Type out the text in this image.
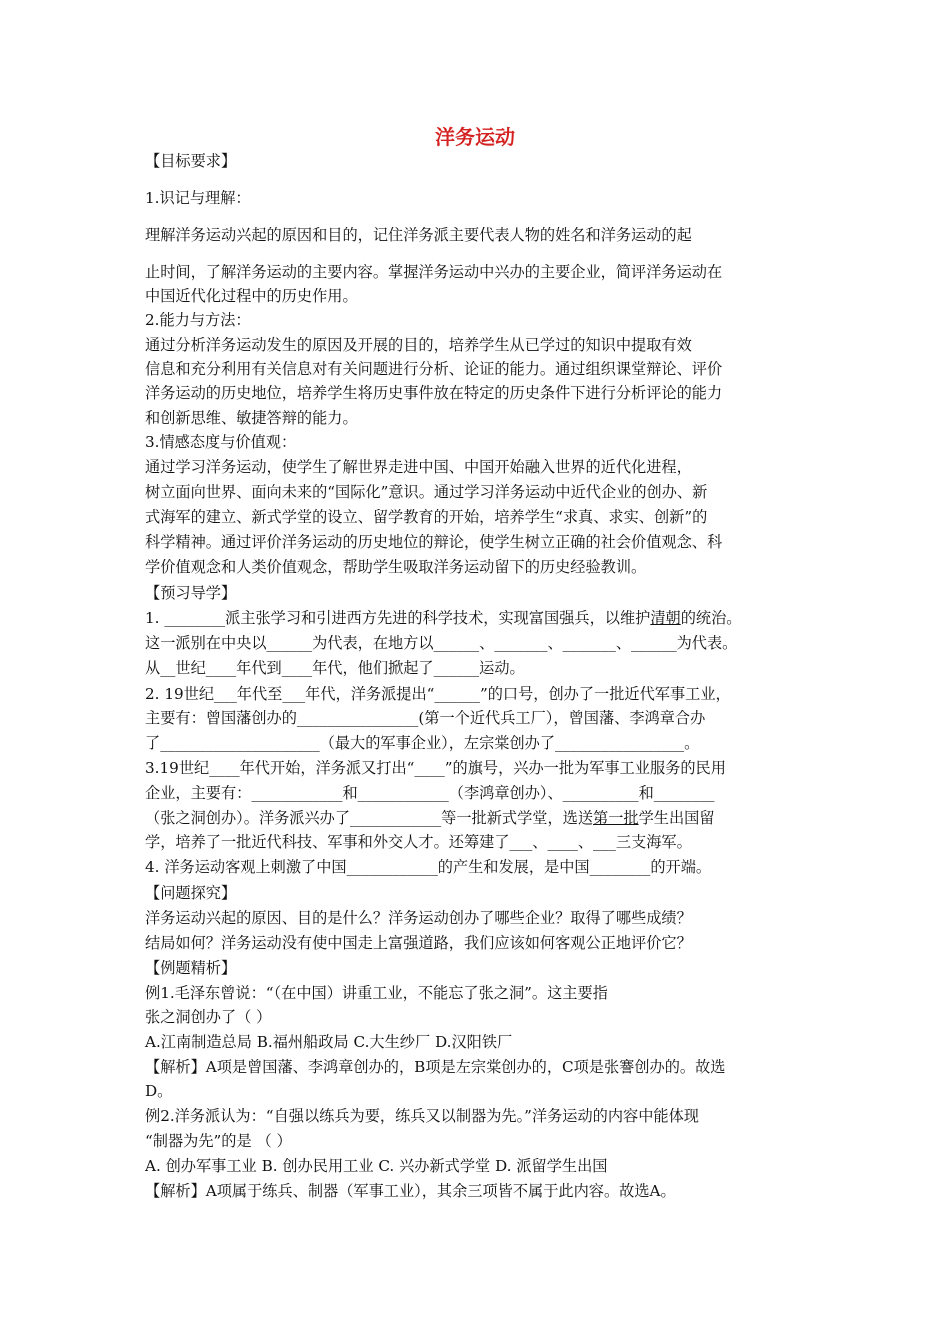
洋务运动
【目标要求】
1.识记与理解：
理解洋务运动兴起的原因和目的，记住洋务派主要代表人物的姓名和洋务运动的起
止时间，了解洋务运动的主要内容。掌握洋务运动中兴办的主要企业，简评洋务运动在
中国近代化过程中的历史作用。
2.能力与方法：
通过分析洋务运动发生的原因及开展的目的，培养学生从已学过的知识中提取有效
信息和充分利用有关信息对有关问题进行分析、论证的能力。通过组织课堂辩论、评价
洋务运动的历史地位，培养学生将历史事件放在特定的历史条件下进行分析评论的能力
和创新思维、敏捷答辩的能力。
3.情感态度与价值观：
通过学习洋务运动，使学生了解世界走进中国、中国开始融入世界的近代化进程，
树立面向世界、面向未来的“国际化”意识。通过学习洋务运动中近代企业的创办、新
式海军的建立、新式学堂的设立、留学教育的开始，培养学生“求真、求实、创新”的
科学精神。通过评价洋务运动的历史地位的辩论，使学生树立正确的社会价值观念、科
学价值观念和人类价值观念，帮助学生吸取洋务运动留下的历史经验教训。
【预习导学】
1. ________派主张学习和引进西方先进的科学技术，实现富国强兵，以维护清朝的统治。
这一派别在中央以______为代表，在地方以______、_______、_______、______为代表。
从__世纪____年代到____年代，他们掀起了______运动。
2. 19世纪___年代至___年代，洋务派提出“______”的口号，创办了一批近代军事工业，
主要有：曾国藩创办的________________(第一个近代兵工厂），曾国藩、李鸿章合办
了_____________________（最大的军事企业），左宗棠创办了_________________。
3.19世纪____年代开始，洋务派又打出“____”的旗号，兴办一批为军事工业服务的民用
企业，主要有：____________和____________（李鸿章创办）、__________和________
（张之洞创办）。洋务派兴办了____________等一批新式学堂，选送第一批学生出国留
学，培养了一批近代科技、军事和外交人才。还筹建了___、____、___三支海军。
4. 洋务运动客观上刺激了中国____________的产生和发展，是中国________的开端。
【问题探究】
洋务运动兴起的原因、目的是什么？洋务运动创办了哪些企业？取得了哪些成绩？
结局如何？洋务运动没有使中国走上富强道路，我们应该如何客观公正地评价它？
【例题精析】
例1.毛泽东曾说：“（在中国）讲重工业，不能忘了张之洞”。这主要指
张之洞创办了（ ）
A.江南制造总局 B.福州船政局 C.大生纱厂 D.汉阳铁厂
【解析】A项是曾国藩、李鸿章创办的，B项是左宗棠创办的，C项是张謇创办的。故选
D。
例2.洋务派认为：“自强以练兵为要，练兵又以制器为先。”洋务运动的内容中能体现
“制器为先”的是 （ ）
A. 创办军事工业 B. 创办民用工业 C. 兴办新式学堂 D. 派留学生出国
【解析】A项属于练兵、制器（军事工业），其余三项皆不属于此内容。故选A。
